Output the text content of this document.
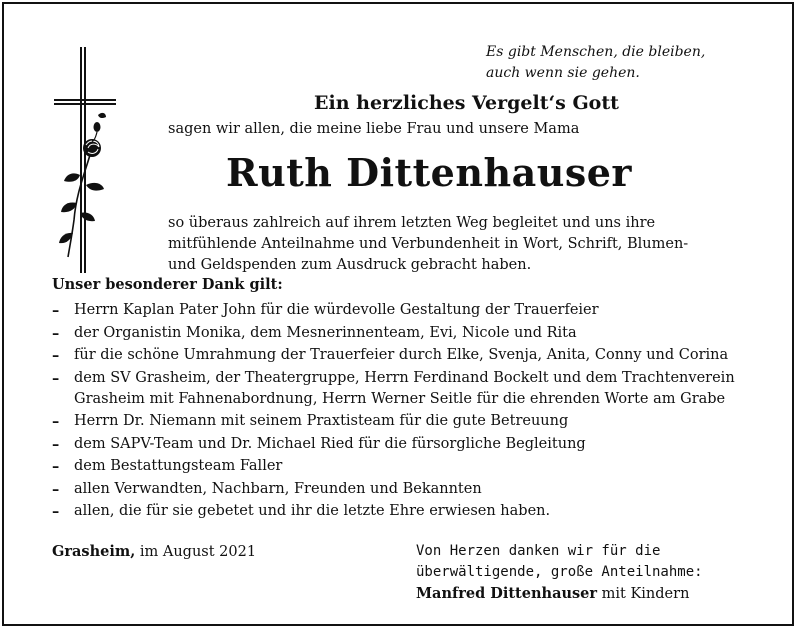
Es gibt Menschen, die bleiben,
auch wenn sie gehen.
Ein herzliches Vergelt‘s Gott
sagen wir allen, die meine liebe Frau und unsere Mama
Ruth Dittenhauser
so überaus zahlreich auf ihrem letzten Weg begleitet und uns ihre
mitfühlende Anteilnahme und Verbundenheit in Wort, Schrift, Blumen-
und Geldspenden zum Ausdruck gebracht haben.
Unser besonderer Dank gilt:
– Herrn Kaplan Pater John für die würdevolle Gestaltung der Trauerfeier
– der Organistin Monika, dem Mesnerinnenteam, Evi, Nicole und Rita
– für die schöne Umrahmung der Trauerfeier durch Elke, Svenja, Anita, Conny und Corina
– dem SV Grasheim, der Theatergruppe, Herrn Ferdinand Bockelt und dem Trachtenverein
Grasheim mit Fahnenabordnung, Herrn Werner Seitle für die ehrenden Worte am Grabe
– Herrn Dr. Niemann mit seinem Praxtisteam für die gute Betreuung
– dem SAPV-Team und Dr. Michael Ried für die fürsorgliche Begleitung
– dem Bestattungsteam Faller
– allen Verwandten, Nachbarn, Freunden und Bekannten
– allen, die für sie gebetet und ihr die letzte Ehre erwiesen haben.
Grasheim, im August 2021	Von Herzen danken wir für die
überwältigende, große Anteilnahme:
Manfred Dittenhauser mit Kindern
